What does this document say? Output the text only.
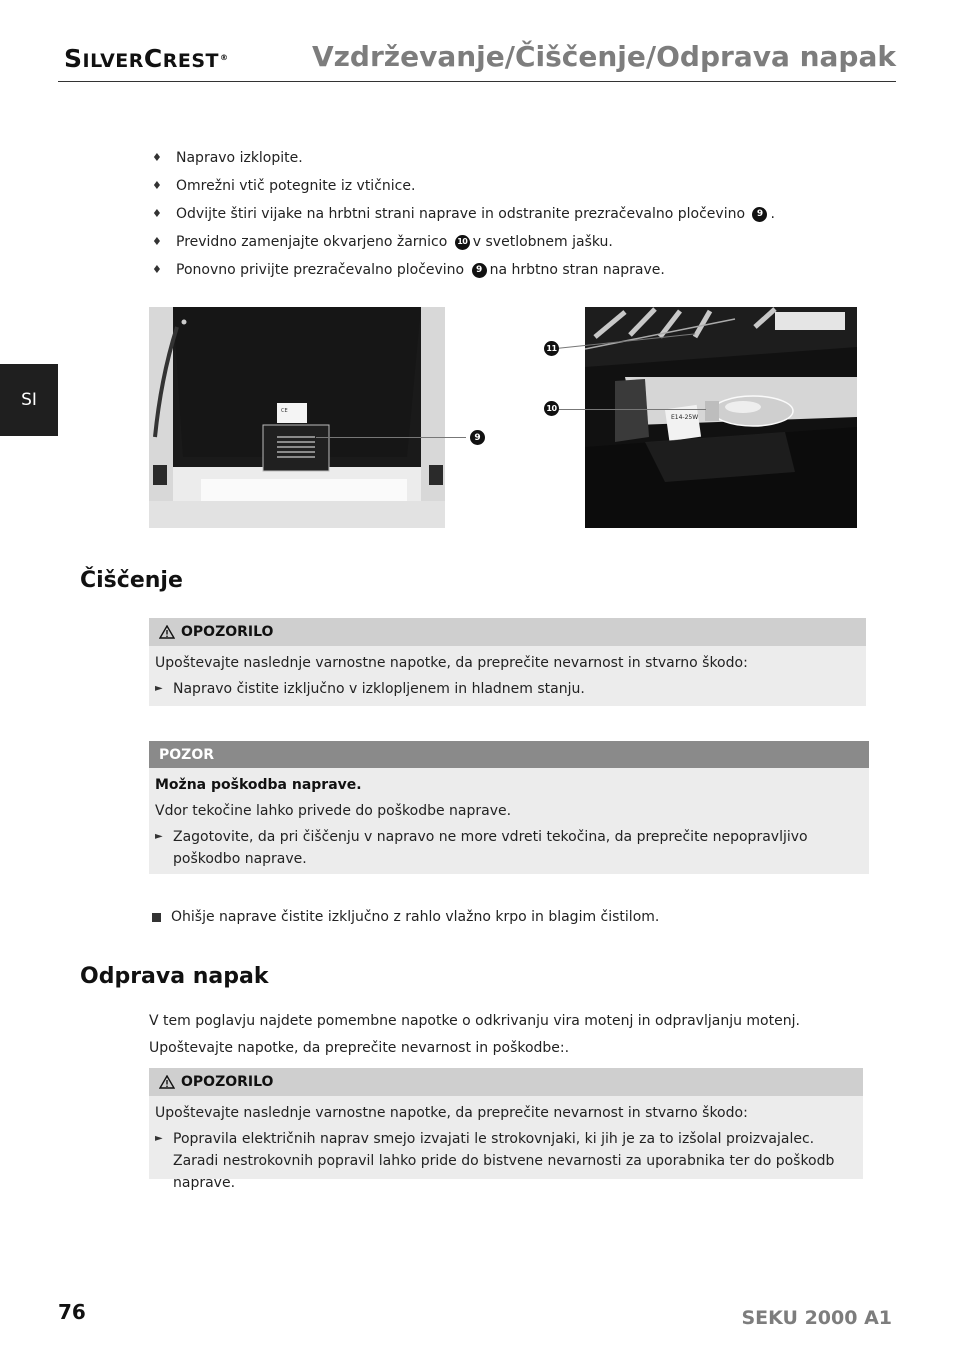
SILVERCREST®	Vzdrževanje/Čiščenje/Odprava napak
SI
♦	Napravo izklopite.
♦	Omrežni vtič potegnite iz vtičnice.
♦	Odvijte štiri vijake na hrbtni strani naprave in odstranite prezračevalno pločevino
	9 .
♦	Previdno zamenjajte okvarjeno žarnico
	10 v svetlobnem jašku.
♦	Ponovno privijte prezračevalno pločevino
	9 na hrbtno stran naprave.
CE
9
E14-25W
11
10
Čiščenje
OPOZORILO
Upoštevajte naslednje varnostne napotke, da preprečite nevarnost in stvarno škodo:
► Napravo čistite izključno v izklopljenem in hladnem stanju.
POZOR
Možna poškodba naprave.
Vdor tekočine lahko privede do poškodbe naprave.
► Zagotovite, da pri čiščenju v napravo ne more vdreti tekočina, da preprečite nepopravljivo poškodbo naprave.
Ohišje naprave čistite izključno z rahlo vlažno krpo in blagim čistilom.
Odprava napak
V tem poglavju najdete pomembne napotke o odkrivanju vira motenj in odpravljanju motenj.
Upoštevajte napotke, da preprečite nevarnost in poškodbe:.
OPOZORILO
Upoštevajte naslednje varnostne napotke, da preprečite nevarnost in stvarno škodo:
► Popravila električnih naprav smejo izvajati le strokovnjaki, ki jih je za to izšolal proizvajalec. Zaradi nestrokovnih popravil lahko pride do bistvene nevarnosti za uporabnika ter do poškodb naprave.
76	SEKU 2000 A1
